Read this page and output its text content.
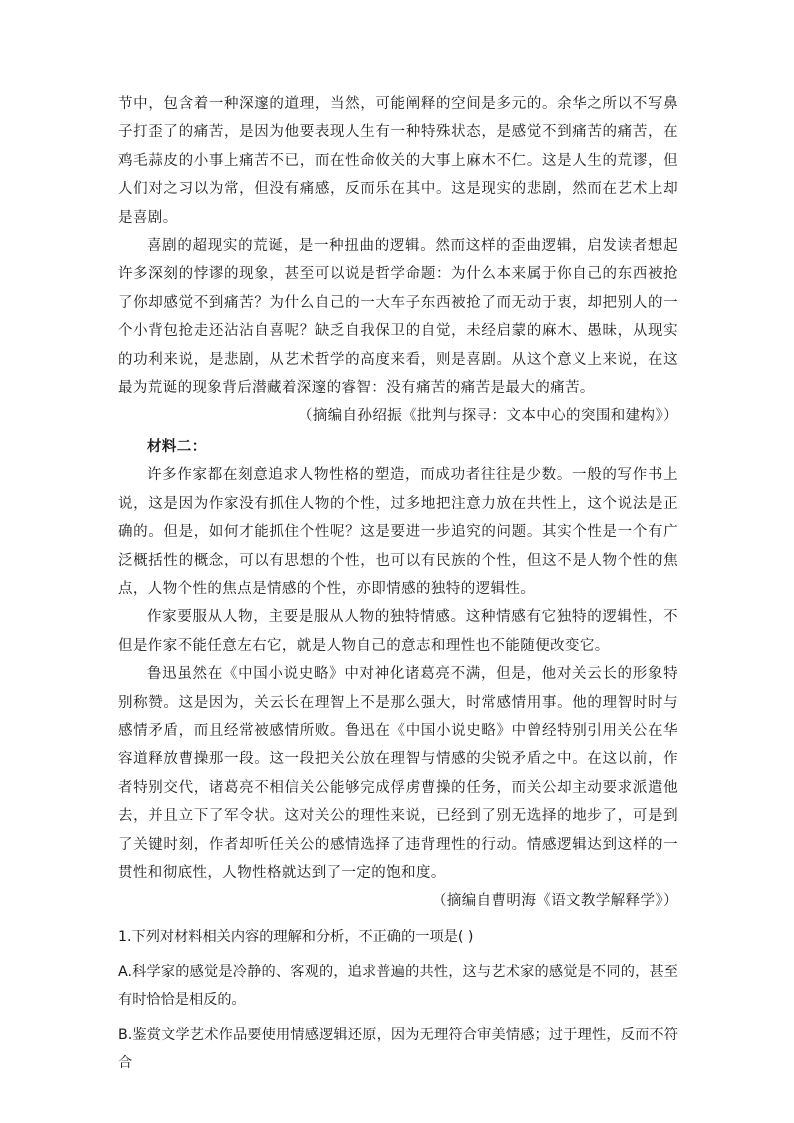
节中，包含着一种深邃的道理，当然，可能阐释的空间是多元的。余华之所以不写鼻子打歪了的痛苦，是因为他要表现人生有一种特殊状态，是感觉不到痛苦的痛苦，在鸡毛蒜皮的小事上痛苦不已，而在性命攸关的大事上麻木不仁。这是人生的荒谬，但人们对之习以为常，但没有痛感，反而乐在其中。这是现实的悲剧，然而在艺术上却是喜剧。

喜剧的超现实的荒诞，是一种扭曲的逻辑。然而这样的歪曲逻辑，启发读者想起许多深刻的悖谬的现象，甚至可以说是哲学命题：为什么本来属于你自己的东西被抢了你却感觉不到痛苦？为什么自己的一大车子东西被抢了而无动于衷，却把别人的一个小背包抢走还沾沾自喜呢？缺乏自我保卫的自觉，未经启蒙的麻木、愚昧，从现实的功利来说，是悲剧，从艺术哲学的高度来看，则是喜剧。从这个意义上来说，在这最为荒诞的现象背后潜藏着深邃的睿智：没有痛苦的痛苦是最大的痛苦。

（摘编自孙绍振《批判与探寻：文本中心的突围和建构》）

材料二：

许多作家都在刻意追求人物性格的塑造，而成功者往往是少数。一般的写作书上说，这是因为作家没有抓住人物的个性，过多地把注意力放在共性上，这个说法是正确的。但是，如何才能抓住个性呢？这是要进一步追究的问题。其实个性是一个有广泛概括性的概念，可以有思想的个性，也可以有民族的个性，但这不是人物个性的焦点，人物个性的焦点是情感的个性，亦即情感的独特的逻辑性。

作家要服从人物，主要是服从人物的独特情感。这种情感有它独特的逻辑性，不但是作家不能任意左右它，就是人物自己的意志和理性也不能随便改变它。

鲁迅虽然在《中国小说史略》中对神化诸葛亮不满，但是，他对关云长的形象特别称赞。这是因为，关云长在理智上不是那么强大，时常感情用事。他的理智时时与感情矛盾，而且经常被感情所败。鲁迅在《中国小说史略》中曾经特别引用关公在华容道释放曹操那一段。这一段把关公放在理智与情感的尖锐矛盾之中。在这以前，作者特别交代，诸葛亮不相信关公能够完成俘虏曹操的任务，而关公却主动要求派遣他去，并且立下了军令状。这对关公的理性来说，已经到了别无选择的地步了，可是到了关键时刻，作者却听任关公的感情选择了违背理性的行动。情感逻辑达到这样的一贯性和彻底性，人物性格就达到了一定的饱和度。

（摘编自曹明海《语文教学解释学》）

1.下列对材料相关内容的理解和分析，不正确的一项是( )

A.科学家的感觉是冷静的、客观的，追求普遍的共性，这与艺术家的感觉是不同的，甚至有时恰恰是相反的。

B.鉴赏文学艺术作品要使用情感逻辑还原，因为无理符合审美情感；过于理性，反而不符合
